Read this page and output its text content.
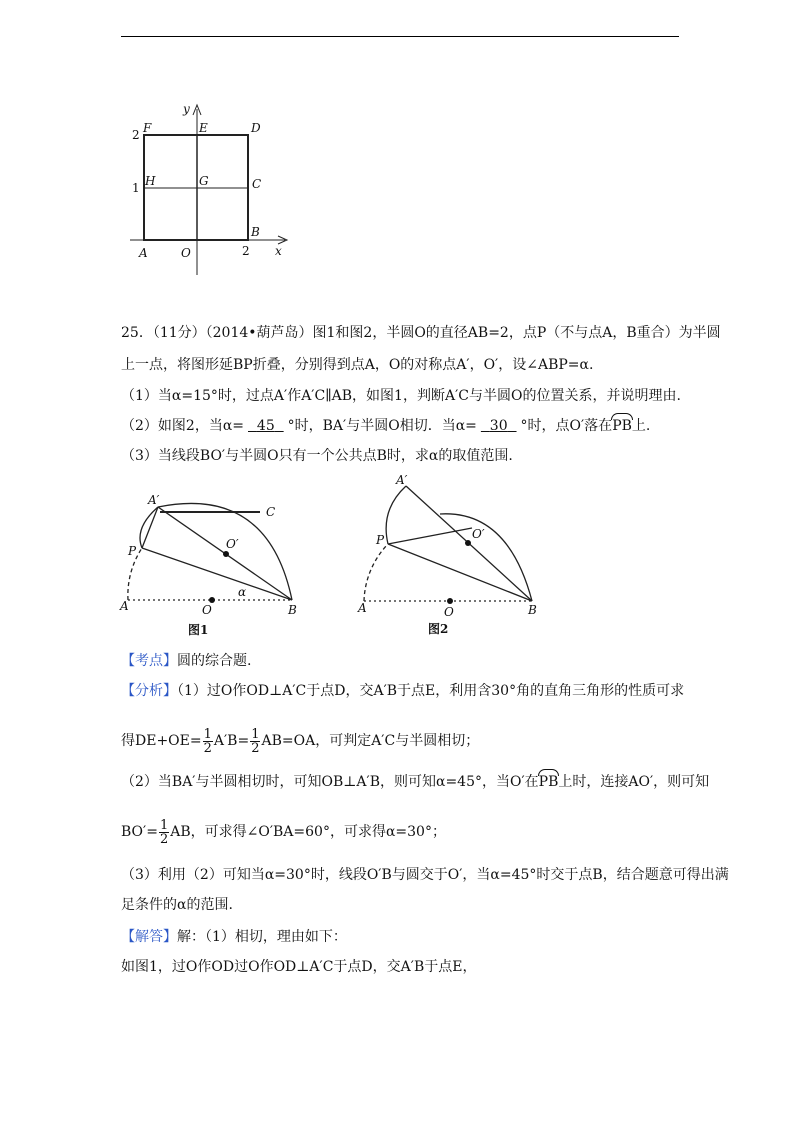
y
x
F	E	D
H	G	C
B
A	O
2
1
2
25．（11分）（2014•葫芦岛）图1和图2，半圆O的直径AB=2，点P（不与点A，B重合）为半圆
上一点，将图形延BP折叠，分别得到点A，O的对称点A′，O′，设∠ABP=α.
（1）当α=15°时，过点A′作A′C∥AB，如图1，判断A′C与半圆O的位置关系，并说明理由.
（2）如图2，当α= 45 °时，BA′与半圆O相切．当α= 30 °时，点O′落在PB上.
（3）当线段BO′与半圆O只有一个公共点B时，求α的取值范围.
A′
C
P	O′
α
A	O	B
图1
A′
P	O′
A	O	B
图2
【考点】圆的综合题.
【分析】（1）过O作OD⊥A′C于点D，交A′B于点E，利用含30°角的直角三角形的性质可求
得$DE+OE= \frac{1}{2} A'B= \frac{1}{2} AB=OA$，可判定A′C与半圆相切；
（2）当BA′与半圆相切时，可知OB⊥A′B，则可知α=45°，当O′在PB上时，连接AO′，则可知
$BO'= \frac{1}{2}$ AB，可求得∠O′BA=60°，可求得α=30°；
（3）利用（2）可知当α=30°时，线段O′B与圆交于O′，当α=45°时交于点B，结合题意可得出满
足条件的α的范围.
【解答】解：（1）相切，理由如下：
如图1，过O作OD过O作OD⊥A′C于点D，交A′B于点E，
